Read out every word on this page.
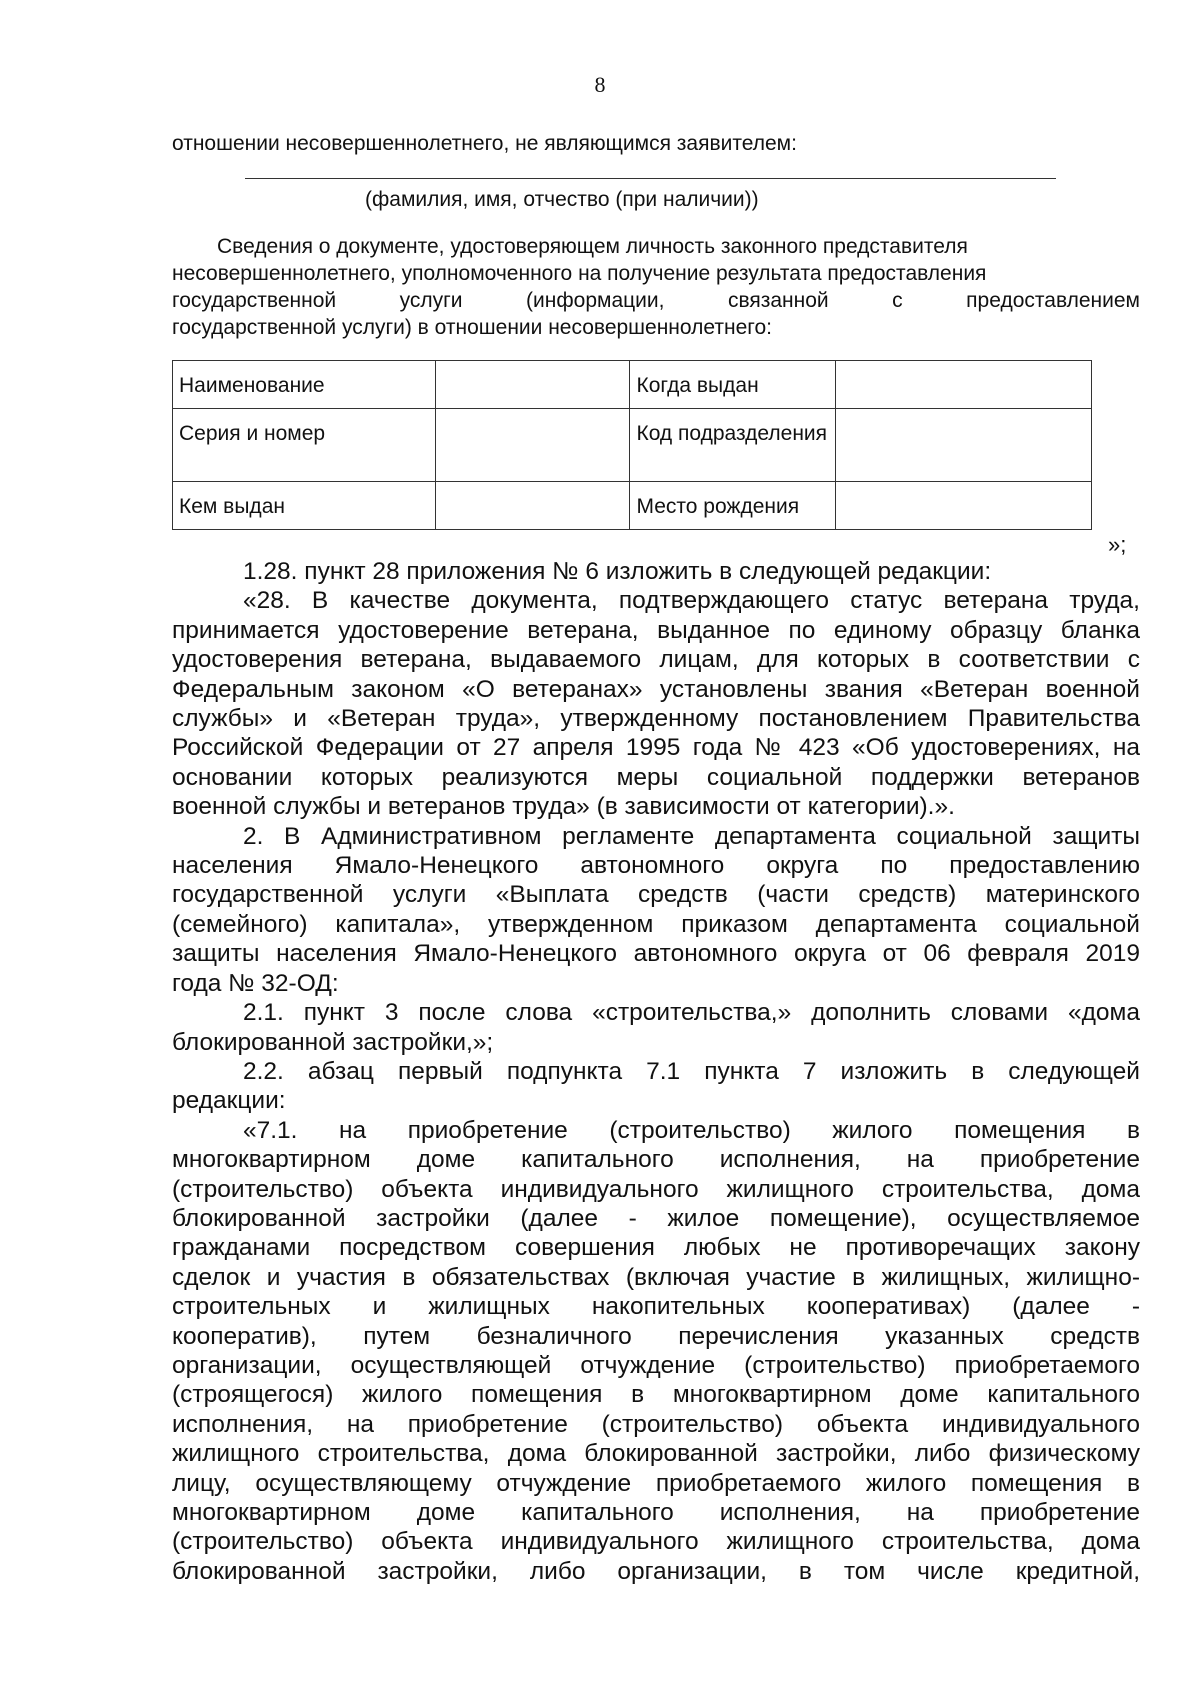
8
отношении несовершеннолетнего, не являющимся заявителем:
(фамилия, имя, отчество (при наличии))
Сведения о документе, удостоверяющем личность законного представителя
несовершеннолетнего, уполномоченного на получение результата предоставления
государственной услуги (информации, связанной с предоставлением
государственной услуги) в отношении несовершеннолетнего:
Наименование		Когда выдан	
Серия и номер		Код подразделения	
Кем выдан		Место рождения	
»;
1.28. пункт 28 приложения № 6 изложить в следующей редакции:
«28. В качестве документа, подтверждающего статус ветерана труда,
принимается удостоверение ветерана, выданное по единому образцу бланка
удостоверения ветерана, выдаваемого лицам, для которых в соответствии с
Федеральным законом «О ветеранах» установлены звания «Ветеран военной
службы» и «Ветеран труда», утвержденному постановлением Правительства
Российской Федерации от 27 апреля 1995 года № 423 «Об удостоверениях, на
основании которых реализуются меры социальной поддержки ветеранов
военной службы и ветеранов труда» (в зависимости от категории).».
2. В Административном регламенте департамента социальной защиты
населения Ямало-Ненецкого автономного округа по предоставлению
государственной услуги «Выплата средств (части средств) материнского
(семейного) капитала», утвержденном приказом департамента социальной
защиты населения Ямало-Ненецкого автономного округа от 06 февраля 2019
года № 32-ОД:
2.1. пункт 3 после слова «строительства,» дополнить словами «дома
блокированной застройки,»;
2.2. абзац первый подпункта 7.1 пункта 7 изложить в следующей
редакции:
«7.1. на приобретение (строительство) жилого помещения в
многоквартирном доме капитального исполнения, на приобретение
(строительство) объекта индивидуального жилищного строительства, дома
блокированной застройки (далее - жилое помещение), осуществляемое
гражданами посредством совершения любых не противоречащих закону
сделок и участия в обязательствах (включая участие в жилищных, жилищно-
строительных и жилищных накопительных кооперативах) (далее -
кооператив), путем безналичного перечисления указанных средств
организации, осуществляющей отчуждение (строительство) приобретаемого
(строящегося) жилого помещения в многоквартирном доме капитального
исполнения, на приобретение (строительство) объекта индивидуального
жилищного строительства, дома блокированной застройки, либо физическому
лицу, осуществляющему отчуждение приобретаемого жилого помещения в
многоквартирном доме капитального исполнения, на приобретение
(строительство) объекта индивидуального жилищного строительства, дома
блокированной застройки, либо организации, в том числе кредитной,
